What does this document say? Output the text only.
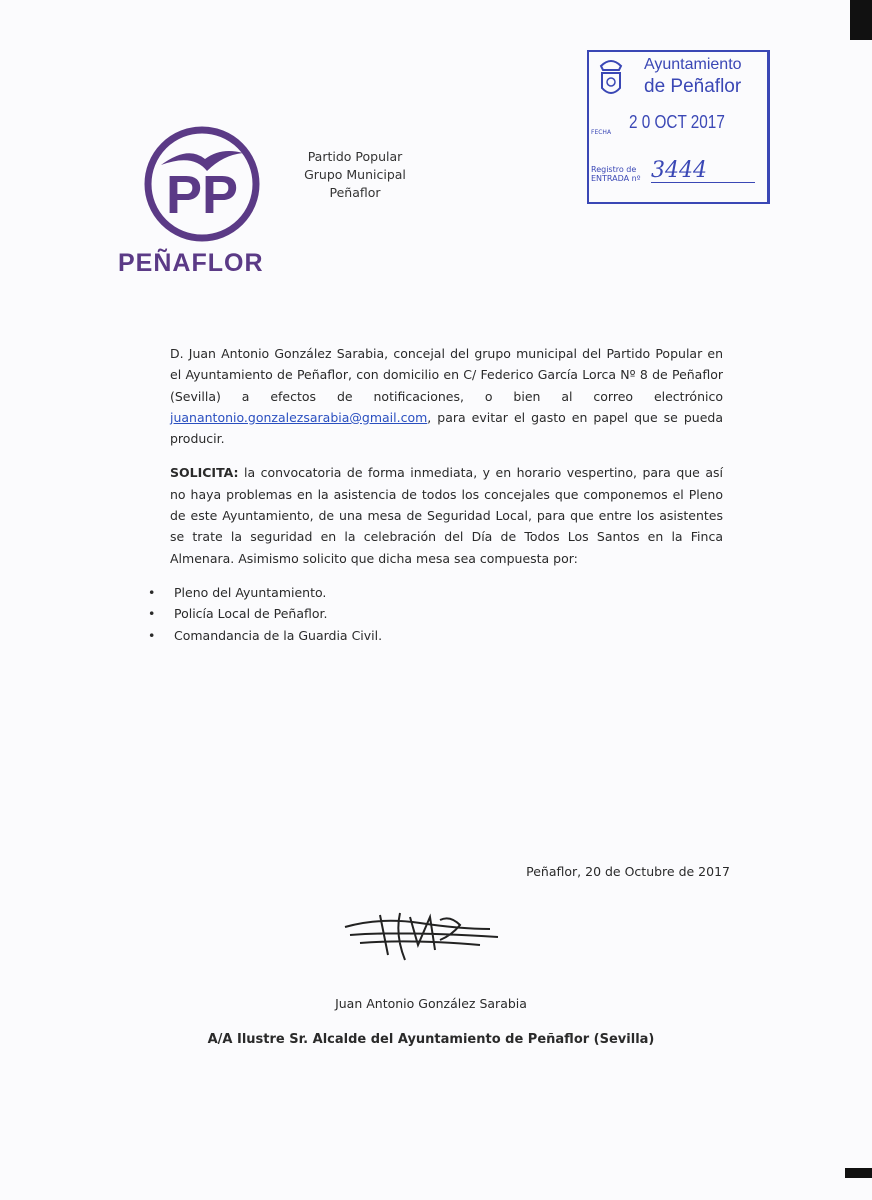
PP
PEÑAFLOR
Partido Popular
Grupo Municipal
Peñaflor
Ayuntamiento
de Peñaflor
FECHA
2 0 OCT 2017
Registro de
ENTRADA nº 3444

D. Juan Antonio González Sarabia, concejal del grupo municipal del Partido Popular en el Ayuntamiento de Peñaflor, con domicilio en C/ Federico García Lorca Nº 8 de Peñaflor (Sevilla) a efectos de notificaciones, o bien al correo electrónico juanantonio.gonzalezsarabia@gmail.com, para evitar el gasto en papel que se pueda producir.

SOLICITA: la convocatoria de forma inmediata, y en horario vespertino, para que así no haya problemas en la asistencia de todos los concejales que componemos el Pleno de este Ayuntamiento, de una mesa de Seguridad Local, para que entre los asistentes se trate la seguridad en la celebración del Día de Todos Los Santos en la Finca Almenara. Asimismo solicito que dicha mesa sea compuesta por:

• Pleno del Ayuntamiento.
• Policía Local de Peñaflor.
• Comandancia de la Guardia Civil.
Peñaflor, 20 de Octubre de 2017
Juan Antonio González Sarabia
A/A Ilustre Sr. Alcalde del Ayuntamiento de Peñaflor (Sevilla)
